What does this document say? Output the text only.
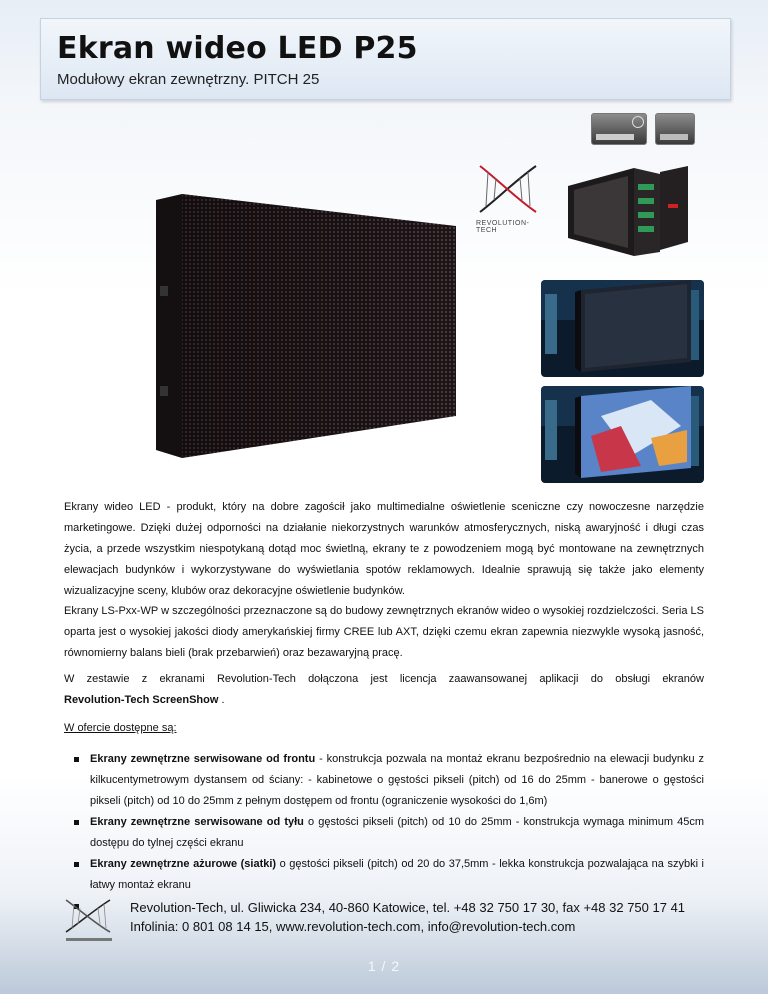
Ekran wideo LED P25
Modułowy ekran zewnętrzny. PITCH 25
REVOLUTION-TECH
Ekrany wideo LED - produkt, który na dobre zagościł jako multimedialne oświetlenie sceniczne czy nowoczesne narzędzie marketingowe. Dzięki dużej odporności na działanie niekorzystnych warunków atmosferycznych, niską awaryjność i długi czas życia, a przede wszystkim niespotykaną dotąd moc świetlną, ekrany te z powodzeniem mogą być montowane na zewnętrznych elewacjach budynków i wykorzystywane do wyświetlania spotów reklamowych. Idealnie sprawują się także jako elementy wizualizacyjne sceny, klubów oraz dekoracyjne oświetlenie budynków.
Ekrany LS-Pxx-WP w szczególności przeznaczone są do budowy zewnętrznych ekranów wideo o wysokiej rozdzielczości. Seria LS oparta jest o wysokiej jakości diody amerykańskiej firmy CREE lub AXT, dzięki czemu ekran zapewnia niezwykle wysoką jasność, równomierny balans bieli (brak przebarwień) oraz bezawaryjną pracę.
W zestawie z ekranami Revolution-Tech dołączona jest licencja zaawansowanej aplikacji do obsługi ekranów
Revolution-Tech ScreenShow .
W ofercie dostępne są:
Ekrany zewnętrzne serwisowane od frontu - konstrukcja pozwala na montaż ekranu bezpośrednio na elewacji budynku z kilkucentymetrowym dystansem od ściany: - kabinetowe o gęstości pikseli (pitch) od 16 do 25mm - banerowe o gęstości pikseli (pitch) od 10 do 25mm z pełnym dostępem od frontu (ograniczenie wysokości do 1,6m)
Ekrany zewnętrzne serwisowane od tyłu o gęstości pikseli (pitch) od 10 do 25mm - konstrukcja wymaga minimum 45cm dostępu do tylnej części ekranu
Ekrany zewnętrzne ażurowe (siatki) o gęstości pikseli (pitch) od 20 do 37,5mm - lekka konstrukcja pozwalająca na szybki i łatwy montaż ekranu

Revolution-Tech, ul. Gliwicka 234, 40-860 Katowice, tel. +48 32 750 17 30, fax +48 32 750 17 41
Infolinia: 0 801 08 14 15, www.revolution-tech.com, info@revolution-tech.com
1 / 2
